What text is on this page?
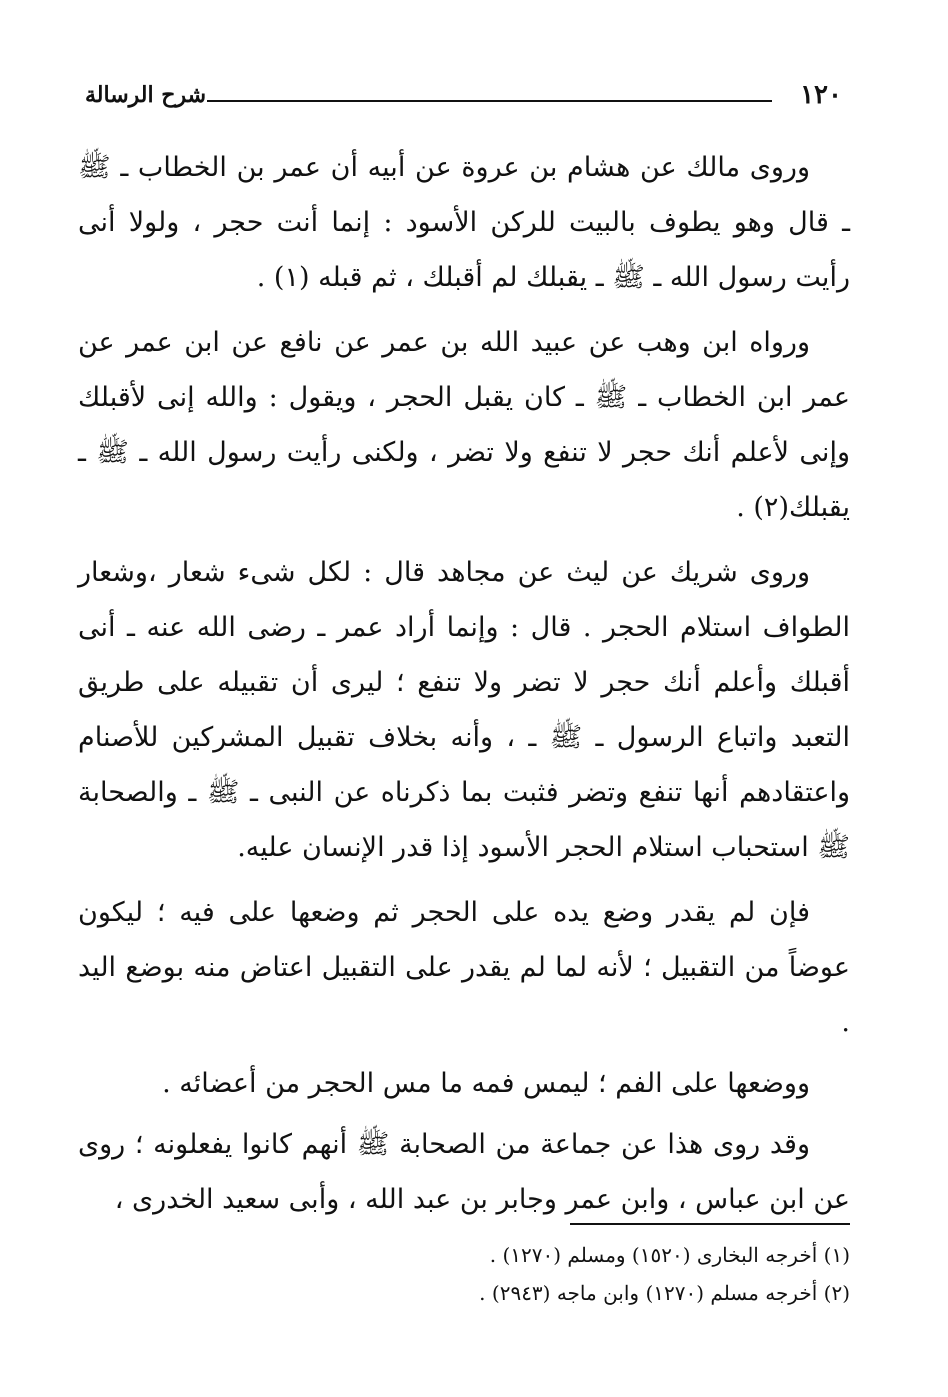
١٢٠
شرح الرسالة

وروى مالك عن هشام بن عروة عن أبيه أن عمر بن الخطاب ـ ﷺ ـ قال وهو يطوف بالبيت للركن الأسود : إنما أنت حجر ، ولولا أنى رأيت رسول الله ـ ﷺ ـ يقبلك لم أقبلك ، ثم قبله (١) .

ورواه ابن وهب عن عبيد الله بن عمر عن نافع عن ابن عمر عن عمر ابن الخطاب ـ ﷺ ـ كان يقبل الحجر ، ويقول : والله إنى لأقبلك وإنى لأعلم أنك حجر لا تنفع ولا تضر ، ولكنى رأيت رسول الله ـ ﷺ ـ يقبلك(٢) .

وروى شريك عن ليث عن مجاهد قال : لكل شىء شعار ،وشعار الطواف استلام الحجر . قال : وإنما أراد عمر ـ رضى الله عنه ـ أنى أقبلك وأعلم أنك حجر لا تضر ولا تنفع ؛ ليرى أن تقبيله على طريق التعبد واتباع الرسول ـ ﷺ ـ ، وأنه بخلاف تقبيل المشركين للأصنام واعتقادهم أنها تنفع وتضر فثبت بما ذكرناه عن النبى ـ ﷺ ـ والصحابة ﷺ استحباب استلام الحجر الأسود إذا قدر الإنسان عليه.

فإن لم يقدر وضع يده على الحجر ثم وضعها على فيه ؛ ليكون عوضاً من التقبيل ؛ لأنه لما لم يقدر على التقبيل اعتاض منه بوضع اليد .

ووضعها على الفم ؛ ليمس فمه ما مس الحجر من أعضائه .

وقد روى هذا عن جماعة من الصحابة ﷺ أنهم كانوا يفعلونه ؛ روى عن ابن عباس ، وابن عمر وجابر بن عبد الله ، وأبى سعيد الخدرى ،

(١) أخرجه البخارى (١٥٢٠) ومسلم (١٢٧٠) .

(٢) أخرجه مسلم (١٢٧٠) وابن ماجه (٢٩٤٣) .
